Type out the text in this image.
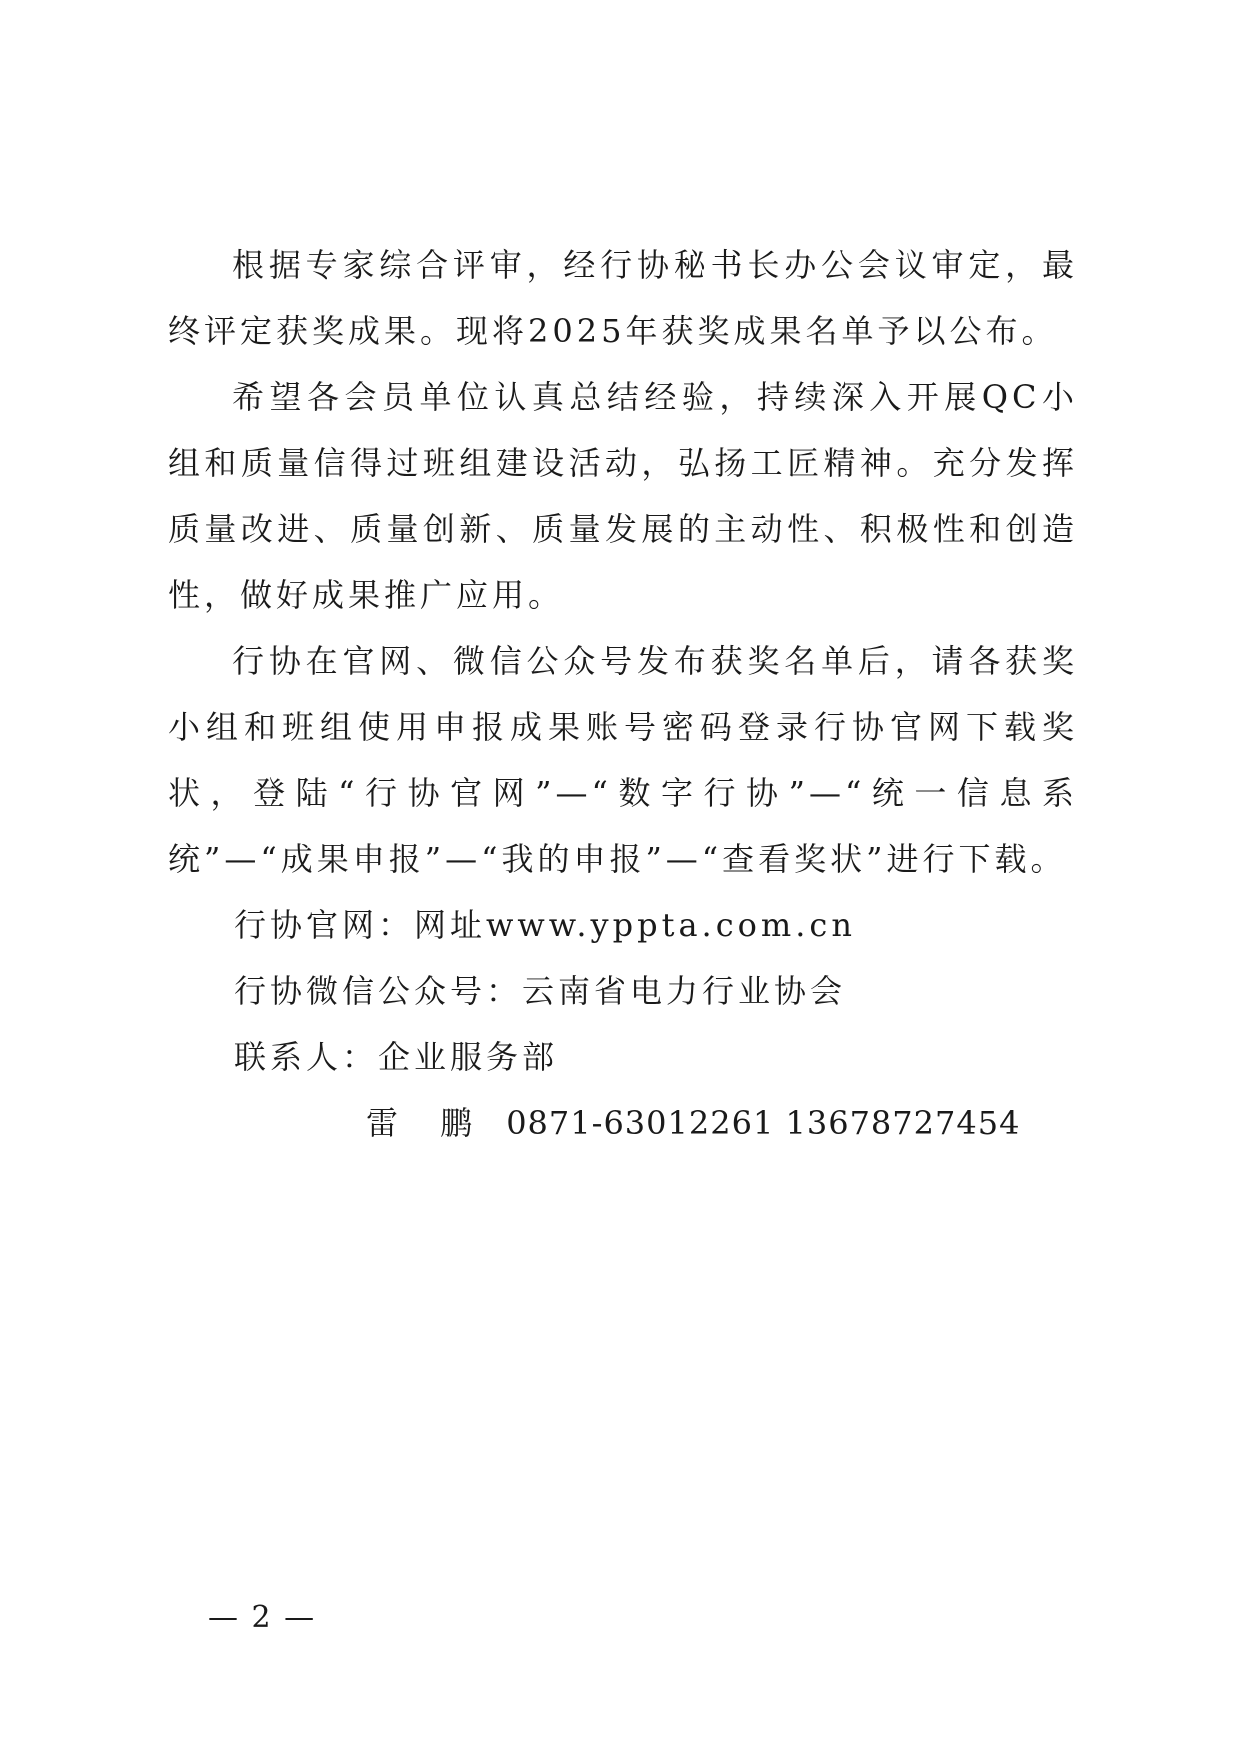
根据专家综合评审，经行协秘书长办公会议审定，最终评定获奖成果。现将2025年获奖成果名单予以公布。

希望各会员单位认真总结经验，持续深入开展QC小组和质量信得过班组建设活动，弘扬工匠精神。充分发挥质量改进、质量创新、质量发展的主动性、积极性和创造性，做好成果推广应用。

行协在官网、微信公众号发布获奖名单后，请各获奖小组和班组使用申报成果账号密码登录行协官网下载奖状，登陆“行协官网”—“数字行协”—“统一信息系统”—“成果申报”—“我的申报”—“查看奖状”进行下载。

行协官网：网址www.yppta.com.cn

行协微信公众号：云南省电力行业协会

联系人：企业服务部

雷 鹏 0871-63012261 13678727454

— 2 —
